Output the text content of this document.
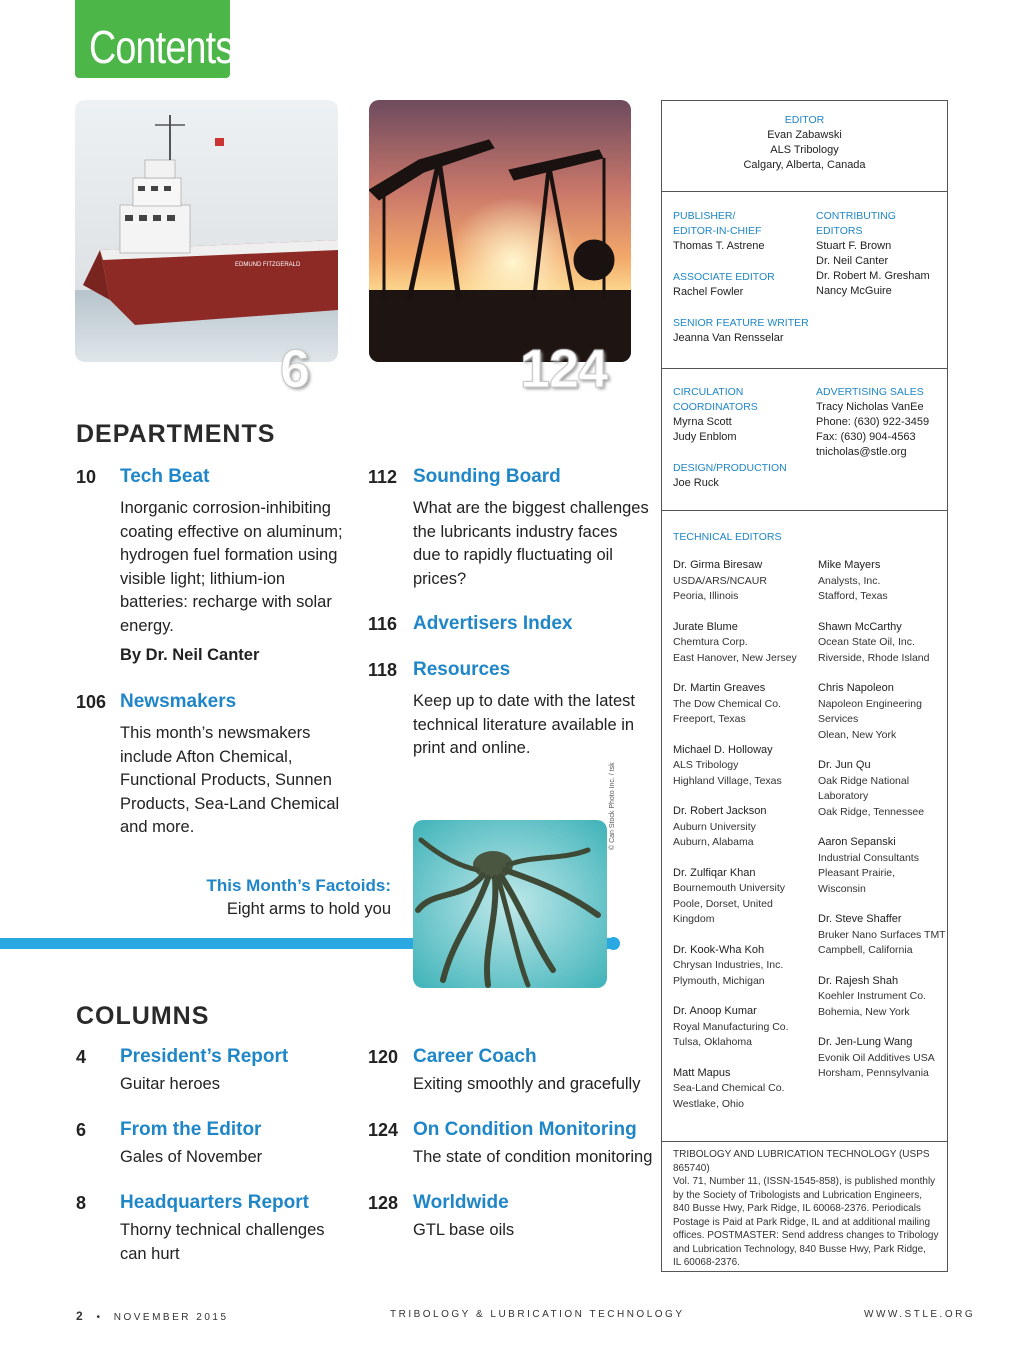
Contents
EDMUND FITZGERALD
6	124
DEPARTMENTS
10 Tech Beat
Inorganic corrosion-inhibiting
coating effective on aluminum;
hydrogen fuel formation using
visible light; lithium-ion
batteries: recharge with solar
energy.
By Dr. Neil Canter
106 Newsmakers
This month’s newsmakers
include Afton Chemical,
Functional Products, Sunnen
Products, Sea-Land Chemical
and more.
112 Sounding Board
What are the biggest challenges
the lubricants industry faces
due to rapidly fluctuating oil
prices?
116 Advertisers Index
118 Resources
Keep up to date with the latest
technical literature available in
print and online.
This Month’s Factoids:
Eight arms to hold you
© Can Stock Photo Inc. / tsk
COLUMNS
4 President’s Report
Guitar heroes
6 From the Editor
Gales of November
8 Headquarters Report
Thorny technical challenges
can hurt
120 Career Coach
Exiting smoothly and gracefully
124 On Condition Monitoring
The state of condition monitoring
128 Worldwide
GTL base oils
EDITOR
Evan Zabawski
ALS Tribology
Calgary, Alberta, Canada
PUBLISHER/
EDITOR-IN-CHIEF
Thomas T. Astrene
ASSOCIATE EDITOR
Rachel Fowler
SENIOR FEATURE WRITER
Jeanna Van Rensselar
CONTRIBUTING
EDITORS
Stuart F. Brown
Dr. Neil Canter
Dr. Robert M. Gresham
Nancy McGuire
CIRCULATION
COORDINATORS
Myrna Scott
Judy Enblom
DESIGN/PRODUCTION
Joe Ruck
ADVERTISING SALES
Tracy Nicholas VanEe
Phone: (630) 922-3459
Fax: (630) 904-4563
tnicholas@stle.org
TECHNICAL EDITORS
Dr. Girma Biresaw
USDA/ARS/NCAUR
Peoria, Illinois
Jurate Blume
Chemtura Corp.
East Hanover, New Jersey
Dr. Martin Greaves
The Dow Chemical Co.
Freeport, Texas
Michael D. Holloway
ALS Tribology
Highland Village, Texas
Dr. Robert Jackson
Auburn University
Auburn, Alabama
Dr. Zulfiqar Khan
Bournemouth University
Poole, Dorset, United
Kingdom
Dr. Kook-Wha Koh
Chrysan Industries, Inc.
Plymouth, Michigan
Dr. Anoop Kumar
Royal Manufacturing Co.
Tulsa, Oklahoma
Matt Mapus
Sea-Land Chemical Co.
Westlake, Ohio
Mike Mayers
Analysts, Inc.
Stafford, Texas
Shawn McCarthy
Ocean State Oil, Inc.
Riverside, Rhode Island
Chris Napoleon
Napoleon Engineering
Services
Olean, New York
Dr. Jun Qu
Oak Ridge National
Laboratory
Oak Ridge, Tennessee
Aaron Sepanski
Industrial Consultants
Pleasant Prairie,
Wisconsin
Dr. Steve Shaffer
Bruker Nano Surfaces TMT
Campbell, California
Dr. Rajesh Shah
Koehler Instrument Co.
Bohemia, New York
Dr. Jen-Lung Wang
Evonik Oil Additives USA
Horsham, Pennsylvania
TRIBOLOGY AND LUBRICATION TECHNOLOGY (USPS 865740)
Vol. 71, Number 11, (ISSN-1545-858), is published monthly
by the Society of Tribologists and Lubrication Engineers,
840 Busse Hwy, Park Ridge, IL 60068-2376. Periodicals
Postage is Paid at Park Ridge, IL and at additional mailing
offices. POSTMASTER: Send address changes to Tribology
and Lubrication Technology, 840 Busse Hwy, Park Ridge,
IL 60068-2376.
2 • NOVEMBER 2015	TRIBOLOGY & LUBRICATION TECHNOLOGY	WWW.STLE.ORG
